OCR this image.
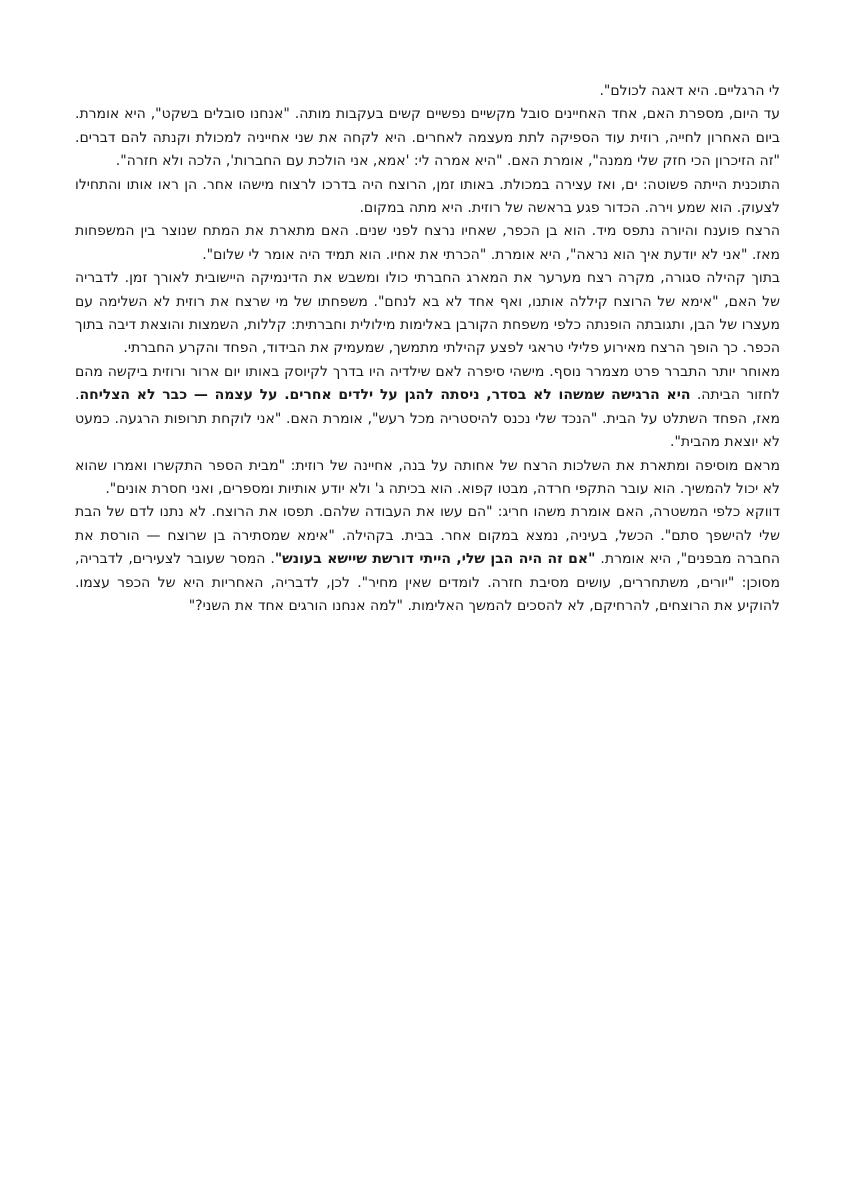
לי הרגליים. היא דאגה לכולם".

עד היום, מספרת האם, אחד האחיינים סובל מקשיים נפשיים קשים בעקבות מותה. "אנחנו סובלים בשקט", היא אומרת. ביום האחרון לחייה, רוזית עוד הספיקה לתת מעצמה לאחרים. היא לקחה את שני אחייניה למכולת וקנתה להם דברים. "זה הזיכרון הכי חזק שלי ממנה", אומרת האם. "היא אמרה לי: 'אמא, אני הולכת עם החברות', הלכה ולא חזרה".

התוכנית הייתה פשוטה: ים, ואז עצירה במכולת. באותו זמן, הרוצח היה בדרכו לרצוח מישהו אחר. הן ראו אותו והתחילו לצעוק. הוא שמע וירה. הכדור פגע בראשה של רוזית. היא מתה במקום.

הרצח פוענח והיורה נתפס מיד. הוא בן הכפר, שאחיו נרצח לפני שנים. האם מתארת את המתח שנוצר בין המשפחות מאז. "אני לא יודעת איך הוא נראה", היא אומרת. "הכרתי את אחיו. הוא תמיד היה אומר לי שלום".

בתוך קהילה סגורה, מקרה רצח מערער את המארג החברתי כולו ומשבש את הדינמיקה היישובית לאורך זמן. לדבריה של האם, "אימא של הרוצח קיללה אותנו, ואף אחד לא בא לנחם". משפחתו של מי שרצח את רוזית לא השלימה עם מעצרו של הבן, ותגובתה הופנתה כלפי משפחת הקורבן באלימות מילולית וחברתית: קללות, השמצות והוצאת דיבה בתוך הכפר. כך הופך הרצח מאירוע פלילי טראגי לפצע קהילתי מתמשך, שמעמיק את הבידוד, הפחד והקרע החברתי.

מאוחר יותר התברר פרט מצמרר נוסף. מישהי סיפרה לאם שילדיה היו בדרך לקיוסק באותו יום ארור ורוזית ביקשה מהם לחזור הביתה. היא הרגישה שמשהו לא בסדר, ניסתה להגן על ילדים אחרים. על עצמה — כבר לא הצליחה. מאז, הפחד השתלט על הבית. "הנכד שלי נכנס להיסטריה מכל רעש", אומרת האם. "אני לוקחת תרופות הרגעה. כמעט לא יוצאת מהבית".

מראם מוסיפה ומתארת את השלכות הרצח של אחותה על בנה, אחיינה של רוזית: "מבית הספר התקשרו ואמרו שהוא לא יכול להמשיך. הוא עובר התקפי חרדה, מבטו קפוא. הוא בכיתה ג' ולא יודע אותיות ומספרים, ואני חסרת אונים".

דווקא כלפי המשטרה, האם אומרת משהו חריג: "הם עשו את העבודה שלהם. תפסו את הרוצח. לא נתנו לדם של הבת שלי להישפך סתם". הכשל, בעיניה, נמצא במקום אחר. בבית. בקהילה. "אימא שמסתירה בן שרוצח — הורסת את החברה מבפנים", היא אומרת. "אם זה היה הבן שלי, הייתי דורשת שיישא בעונש". המסר שעובר לצעירים, לדבריה, מסוכן: "יורים, משתחררים, עושים מסיבת חזרה. לומדים שאין מחיר". לכן, לדבריה, האחריות היא של הכפר עצמו. להוקיע את הרוצחים, להרחיקם, לא להסכים להמשך האלימות. "למה אנחנו הורגים אחד את השני?"
